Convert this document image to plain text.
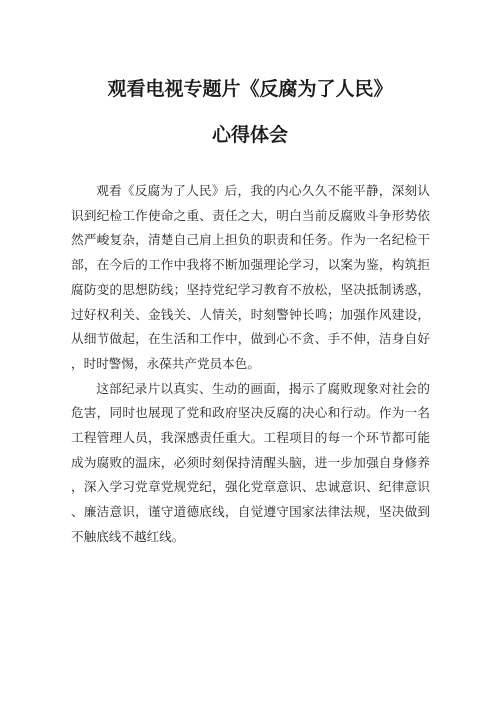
观看电视专题片《反腐为了人民》
心得体会

观看《反腐为了人民》后，我的内心久久不能平静，深刻认识到纪检工作使命之重、责任之大，明白当前反腐败斗争形势依然严峻复杂，清楚自己肩上担负的职责和任务。作为一名纪检干部，在今后的工作中我将不断加强理论学习，以案为鉴，构筑拒腐防变的思想防线；坚持党纪学习教育不放松，坚决抵制诱惑，过好权利关、金钱关、人情关，时刻警钟长鸣；加强作风建设，从细节做起，在生活和工作中，做到心不贪、手不伸，洁身自好，时时警惕，永葆共产党员本色。

这部纪录片以真实、生动的画面，揭示了腐败现象对社会的危害，同时也展现了党和政府坚决反腐的决心和行动。作为一名工程管理人员，我深感责任重大。工程项目的每一个环节都可能成为腐败的温床，必须时刻保持清醒头脑，进一步加强自身修养，深入学习党章党规党纪，强化党章意识、忠诚意识、纪律意识、廉洁意识，谨守道德底线，自觉遵守国家法律法规，坚决做到不触底线不越红线。
